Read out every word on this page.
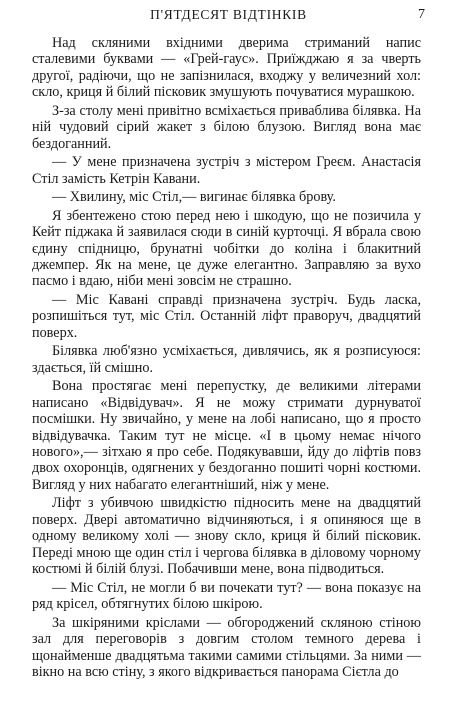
П'ЯТДЕСЯТ ВІДТІНКІВ	7

Над скляними вхідними дверима стриманий напис сталевими буквами — «Грей-гаус». Приїжджаю я за чверть другої, радіючи, що не запізнилася, входжу у величезний хол: скло, криця й білий пісковик змушують почуватися мурашкою.

З-за столу мені привітно всміхається приваблива білявка. На ній чудовий сірий жакет з білою блузою. Вигляд вона має бездоганний.

— У мене призначена зустріч з містером Греєм. Анастасія Стіл замість Кетрін Кавани.

— Хвилину, міс Стіл,— вигинає білявка брову.

Я збентежено стою перед нею і шкодую, що не позичила у Кейт піджака й заявилася сюди в синій курточці. Я вбрала свою єдину спідницю, брунатні чобітки до коліна і блакитний джемпер. Як на мене, це дуже елегантно. Заправляю за вухо пасмо і вдаю, ніби мені зовсім не страшно.

— Міс Кавані справді призначена зустріч. Будь ласка, розпишіться тут, міс Стіл. Останній ліфт праворуч, двадцятий поверх.

Білявка люб'язно усміхається, дивлячись, як я розписуюся: здається, їй смішно.

Вона простягає мені перепустку, де великими літерами написано «Відвідувач». Я не можу стримати дурнуватої посмішки. Ну звичайно, у мене на лобі написано, що я просто відвідувачка. Таким тут не місце. «І в цьому немає нічого нового»,— зітхаю я про себе. Подякувавши, йду до ліфтів повз двох охоронців, одягнених у бездоганно пошиті чорні костюми. Вигляд у них набагато елегантніший, ніж у мене.

Ліфт з убивчою швидкістю підносить мене на двадцятий поверх. Двері автоматично відчиняються, і я опиняюся ще в одному великому холі — знову скло, криця й білий пісковик. Переді мною ще один стіл і чергова білявка в діловому чорному костюмі й білій блузі. Побачивши мене, вона підводиться.

— Міс Стіл, не могли б ви почекати тут? — вона показує на ряд крісел, обтягнутих білою шкірою.

За шкіряними кріслами — обгороджений скляною стіною зал для переговорів з довгим столом темного дерева і щонайменше двадцятьма такими самими стільцями. За ними — вікно на всю стіну, з якого відкривається панорама Сієтла до
